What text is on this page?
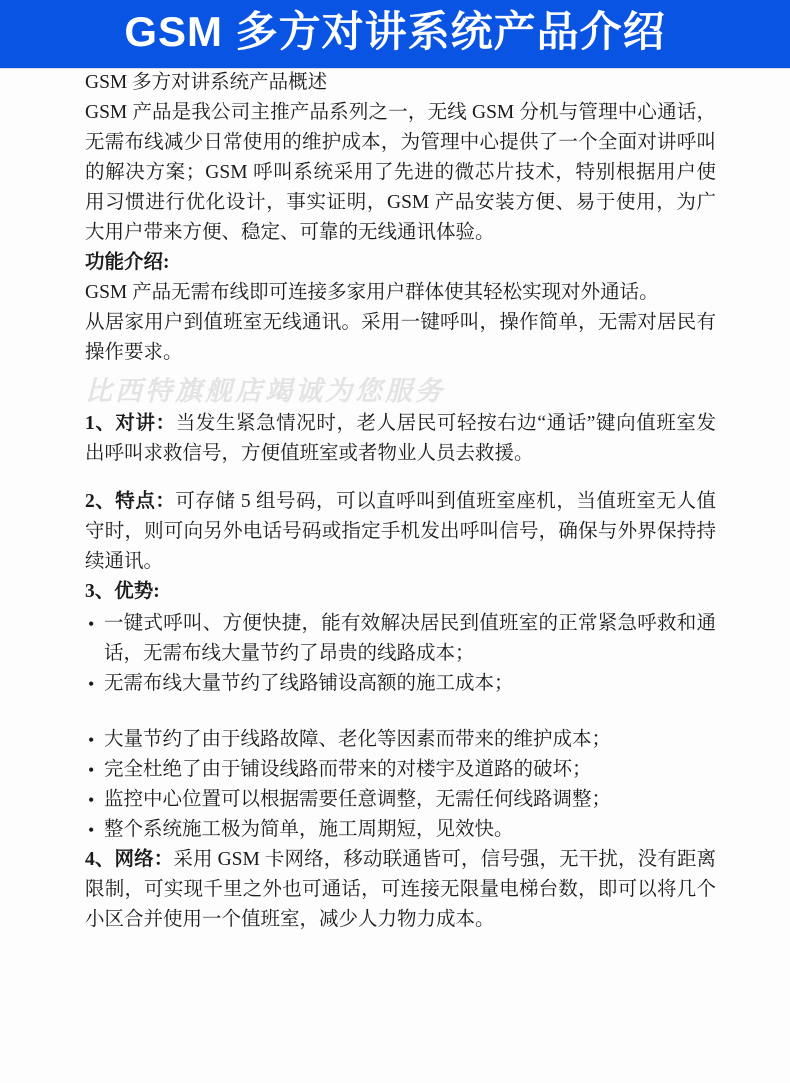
GSM 多方对讲系统产品介绍

GSM 多方对讲系统产品概述

GSM 产品是我公司主推产品系列之一，无线 GSM 分机与管理中心通话，无需布线减少日常使用的维护成本，为管理中心提供了一个全面对讲呼叫的解决方案；GSM 呼叫系统采用了先进的微芯片技术，特别根据用户使用习惯进行优化设计，事实证明，GSM 产品安装方便、易于使用，为广大用户带来方便、稳定、可靠的无线通讯体验。

功能介绍:

GSM 产品无需布线即可连接多家用户群体使其轻松实现对外通话。

从居家用户到值班室无线通讯。采用一键呼叫，操作简单，无需对居民有操作要求。

比西特旗舰店竭诚为您服务

1、对讲：当发生紧急情况时，老人居民可轻按右边“通话”键向值班室发出呼叫求救信号，方便值班室或者物业人员去救援。

2、特点：可存储 5 组号码，可以直呼叫到值班室座机，当值班室无人值守时，则可向另外电话号码或指定手机发出呼叫信号，确保与外界保持持续通讯。

3、优势:

• 一键式呼叫、方便快捷，能有效解决居民到值班室的正常紧急呼救和通话，无需布线大量节约了昂贵的线路成本；
• 无需布线大量节约了线路铺设高额的施工成本；
• 大量节约了由于线路故障、老化等因素而带来的维护成本；
• 完全杜绝了由于铺设线路而带来的对楼宇及道路的破坏；
• 监控中心位置可以根据需要任意调整，无需任何线路调整；
• 整个系统施工极为简单，施工周期短，见效快。

4、网络：采用 GSM 卡网络，移动联通皆可，信号强，无干扰，没有距离限制，可实现千里之外也可通话，可连接无限量电梯台数，即可以将几个小区合并使用一个值班室，减少人力物力成本。
